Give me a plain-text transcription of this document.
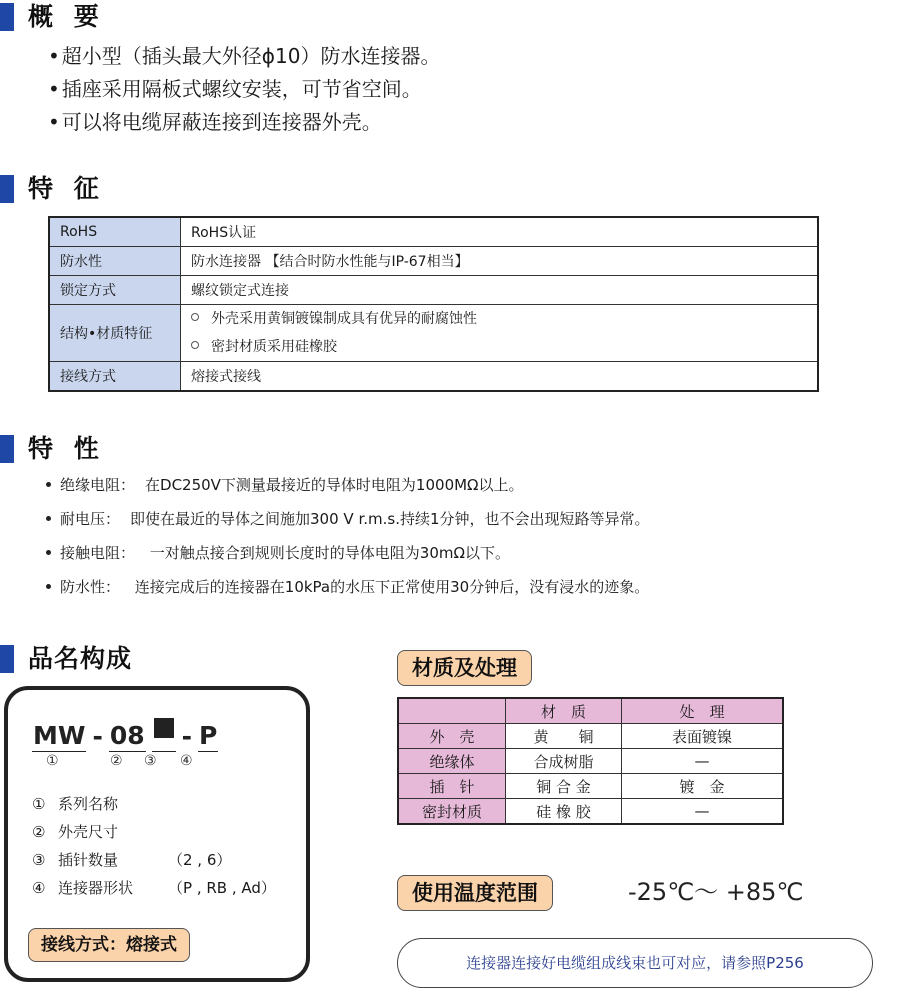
概 要
• 超小型（插头最大外径ϕ10）防水连接器。
• 插座采用隔板式螺纹安装，可节省空间。
• 可以将电缆屏蔽连接到连接器外壳。
特 征
RoHS	RoHS认证
防水性	防水连接器 【结合时防水性能与IP-67相当】
锁定方式	螺纹锁定式连接
结构•材质特征	外壳采用黄铜镀镍制成具有优异的耐腐蚀性
密封材质采用硅橡胶

接线方式	熔接式接线
特 性
绝缘电阻： 在DC250V下测量最接近的导体时电阻为1000MΩ以上。
耐电压： 即使在最近的导体之间施加300 V r.m.s.持续1分钟，也不会出现短路等异常。
接触电阻： 一对触点接合到规则长度时的导体电阻为30mΩ以下。
防水性： 连接完成后的连接器在10kPa的水压下正常使用30分钟后，没有浸水的迹象。
品名构成
MW - 08 - P
①	② ③ ④
① 系列名称
② 外壳尺寸
③ 插针数量	（2 , 6）
④ 连接器形状 （P , RB , Ad）
接线方式：熔接式
材质及处理
	材　质	处　理
外　壳	黄　　铜	表面镀镍
绝缘体	合成树脂	—
插　针	铜 合 金	镀　金
密封材质	硅 橡 胶	—
使用温度范围	-25℃～ +85℃
连接器连接好电缆组成线束也可对应，请参照P256
